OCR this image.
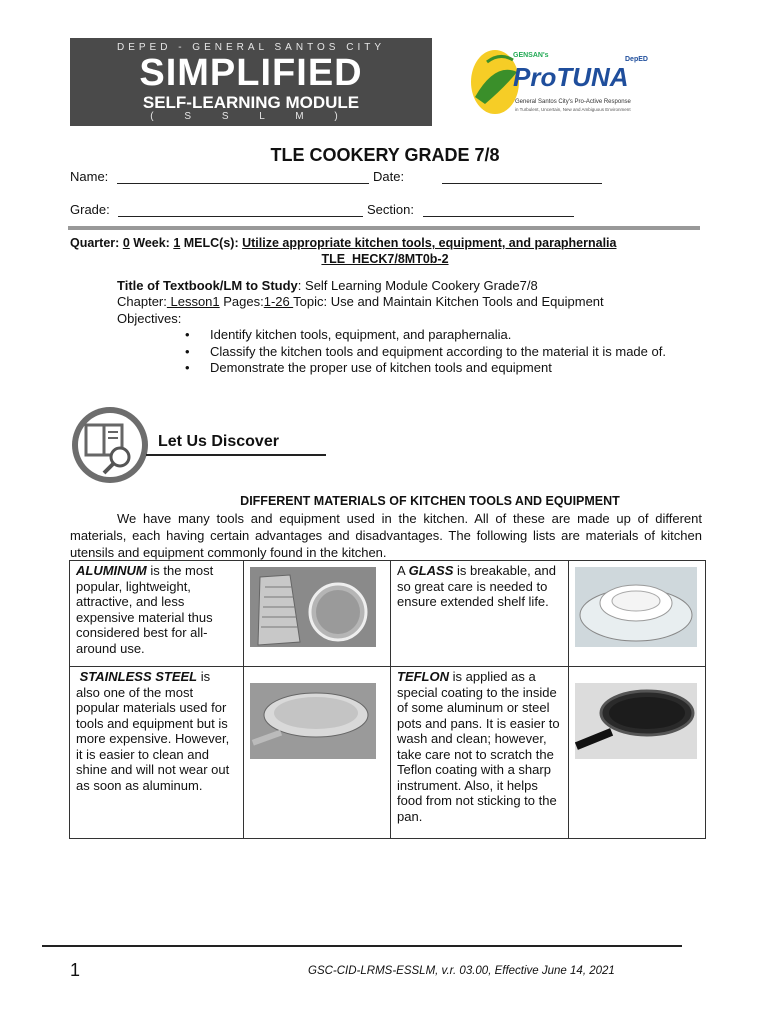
DEPED - GENERAL SANTOS CITY
SIMPLIFIED
SELF-LEARNING MODULE
( S S L M )
GENSAN's
ProTUNA
DepED
General Santos City's Pro-Active Response
in Turbulent, Uncertain, New and Ambiguous Environment
TLE COOKERY GRADE 7/8
Name:	Date:
Grade:	Section:
Quarter: 0 Week: 1 MELC(s): Utilize appropriate kitchen tools, equipment, and paraphernalia
TLE_HECK7/8MT0b-2
Title of Textbook/LM to Study: Self Learning Module Cookery Grade7/8
Chapter: Lesson1 Pages:1-26 Topic: Use and Maintain Kitchen Tools and Equipment
Objectives:
• Identify kitchen tools, equipment, and paraphernalia.
• Classify the kitchen tools and equipment according to the material it is made of.
• Demonstrate the proper use of kitchen tools and equipment
Let Us Discover
DIFFERENT MATERIALS OF KITCHEN TOOLS AND EQUIPMENT
We have many tools and equipment used in the kitchen. All of these are made up of different materials, each having certain advantages and disadvantages. The following lists are materials of kitchen utensils and equipment commonly found in the kitchen.
ALUMINUM is the most popular, lightweight, attractive, and less expensive material thus considered best for all-around use.		A GLASS is breakable, and so great care is needed to ensure extended shelf life.	
STAINLESS STEEL is also one of the most popular materials used for tools and equipment but is more expensive. However, it is easier to clean and shine and will not wear out as soon as aluminum.		TEFLON is applied as a special coating to the inside of some aluminum or steel pots and pans. It is easier to wash and clean; however, take care not to scratch the Teflon coating with a sharp instrument. Also, it helps food from not sticking to the pan.	
1	GSC-CID-LRMS-ESSLM, v.r. 03.00, Effective June 14, 2021
